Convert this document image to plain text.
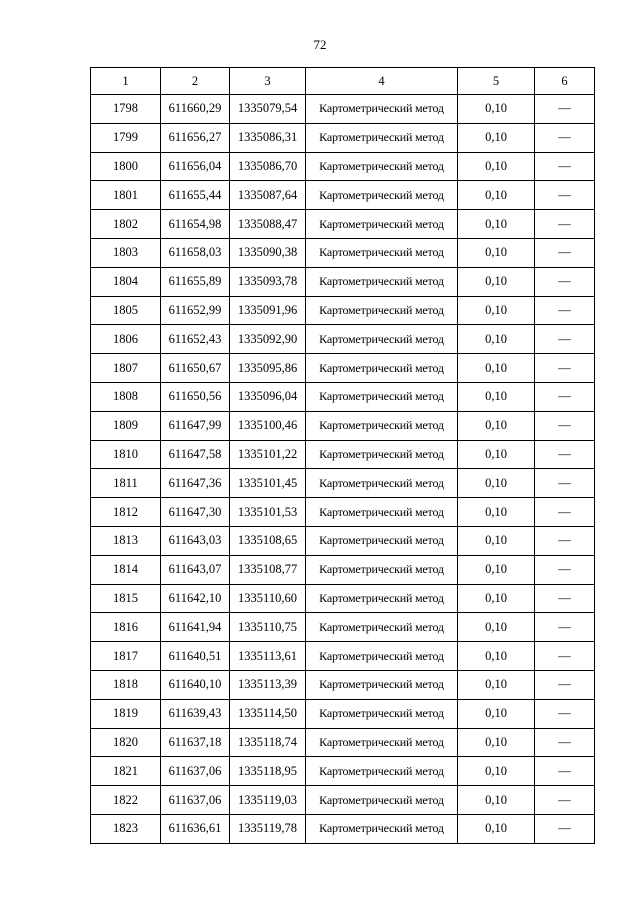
72
1	2	3	4	5	6
1798	611660,29	1335079,54	Картометрический метод	0,10	—
1799	611656,27	1335086,31	Картометрический метод	0,10	—
1800	611656,04	1335086,70	Картометрический метод	0,10	—
1801	611655,44	1335087,64	Картометрический метод	0,10	—
1802	611654,98	1335088,47	Картометрический метод	0,10	—
1803	611658,03	1335090,38	Картометрический метод	0,10	—
1804	611655,89	1335093,78	Картометрический метод	0,10	—
1805	611652,99	1335091,96	Картометрический метод	0,10	—
1806	611652,43	1335092,90	Картометрический метод	0,10	—
1807	611650,67	1335095,86	Картометрический метод	0,10	—
1808	611650,56	1335096,04	Картометрический метод	0,10	—
1809	611647,99	1335100,46	Картометрический метод	0,10	—
1810	611647,58	1335101,22	Картометрический метод	0,10	—
1811	611647,36	1335101,45	Картометрический метод	0,10	—
1812	611647,30	1335101,53	Картометрический метод	0,10	—
1813	611643,03	1335108,65	Картометрический метод	0,10	—
1814	611643,07	1335108,77	Картометрический метод	0,10	—
1815	611642,10	1335110,60	Картометрический метод	0,10	—
1816	611641,94	1335110,75	Картометрический метод	0,10	—
1817	611640,51	1335113,61	Картометрический метод	0,10	—
1818	611640,10	1335113,39	Картометрический метод	0,10	—
1819	611639,43	1335114,50	Картометрический метод	0,10	—
1820	611637,18	1335118,74	Картометрический метод	0,10	—
1821	611637,06	1335118,95	Картометрический метод	0,10	—
1822	611637,06	1335119,03	Картометрический метод	0,10	—
1823	611636,61	1335119,78	Картометрический метод	0,10	—
